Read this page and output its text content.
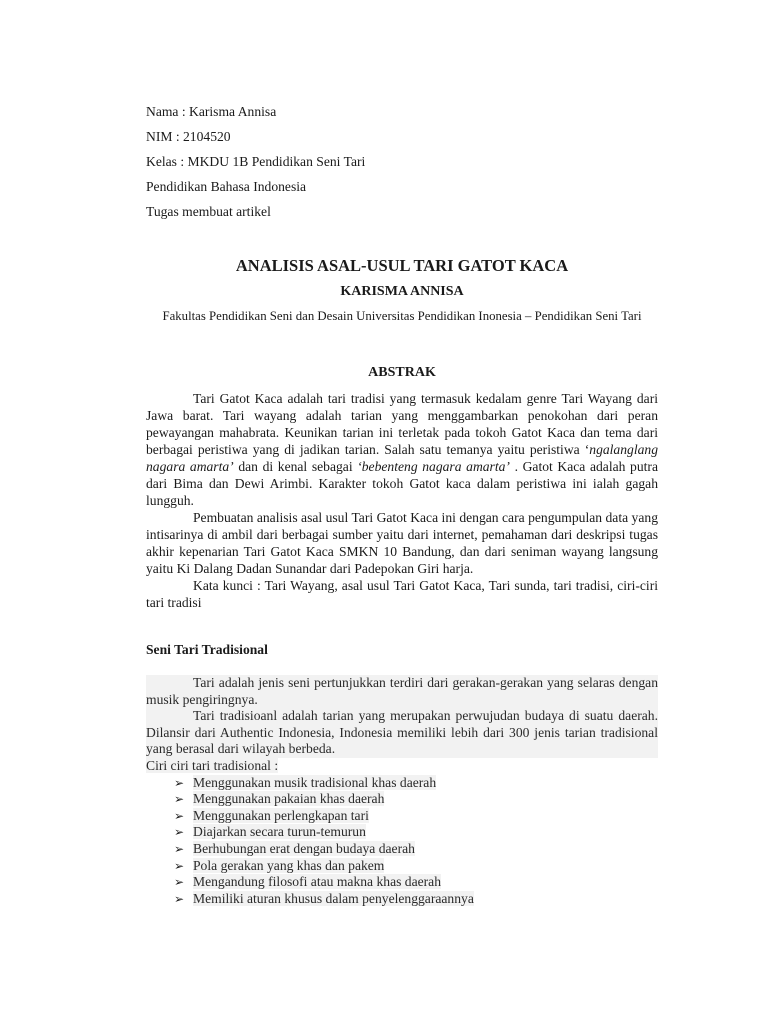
Nama : Karisma Annisa
NIM : 2104520
Kelas : MKDU 1B Pendidikan Seni Tari
Pendidikan Bahasa Indonesia
Tugas membuat artikel
ANALISIS ASAL-USUL TARI GATOT KACA
KARISMA ANNISA
Fakultas Pendidikan Seni dan Desain Universitas Pendidikan Inonesia – Pendidikan Seni Tari
ABSTRAK

Tari Gatot Kaca adalah tari tradisi yang termasuk kedalam genre Tari Wayang dari Jawa barat. Tari wayang adalah tarian yang menggambarkan penokohan dari peran pewayangan mahabrata. Keunikan tarian ini terletak pada tokoh Gatot Kaca dan tema dari berbagai peristiwa yang di jadikan tarian. Salah satu temanya yaitu peristiwa ‘ngalanglang nagara amarta’ dan di kenal sebagai ‘bebenteng nagara amarta’ . Gatot Kaca adalah putra dari Bima dan Dewi Arimbi. Karakter tokoh Gatot kaca dalam peristiwa ini ialah gagah lungguh.

Pembuatan analisis asal usul Tari Gatot Kaca ini dengan cara pengumpulan data yang intisarinya di ambil dari berbagai sumber yaitu dari internet, pemahaman dari deskripsi tugas akhir kepenarian Tari Gatot Kaca SMKN 10 Bandung, dan dari seniman wayang langsung yaitu Ki Dalang Dadan Sunandar dari Padepokan Giri harja.

Kata kunci : Tari Wayang, asal usul Tari Gatot Kaca, Tari sunda, tari tradisi, ciri-ciri tari tradisi

Seni Tari Tradisional

Tari adalah jenis seni pertunjukkan terdiri dari gerakan-gerakan yang selaras dengan musik pengiringnya.

Tari tradisioanl adalah tarian yang merupakan perwujudan budaya di suatu daerah. Dilansir dari Authentic Indonesia, Indonesia memiliki lebih dari 300 jenis tarian tradisional yang berasal dari wilayah berbeda.

Ciri ciri tari tradisional :

➢ Menggunakan musik tradisional khas daerah
➢ Menggunakan pakaian khas daerah
➢ Menggunakan perlengkapan tari
➢ Diajarkan secara turun-temurun
➢ Berhubungan erat dengan budaya daerah
➢ Pola gerakan yang khas dan pakem
➢ Mengandung filosofi atau makna khas daerah
➢ Memiliki aturan khusus dalam penyelenggaraannya
